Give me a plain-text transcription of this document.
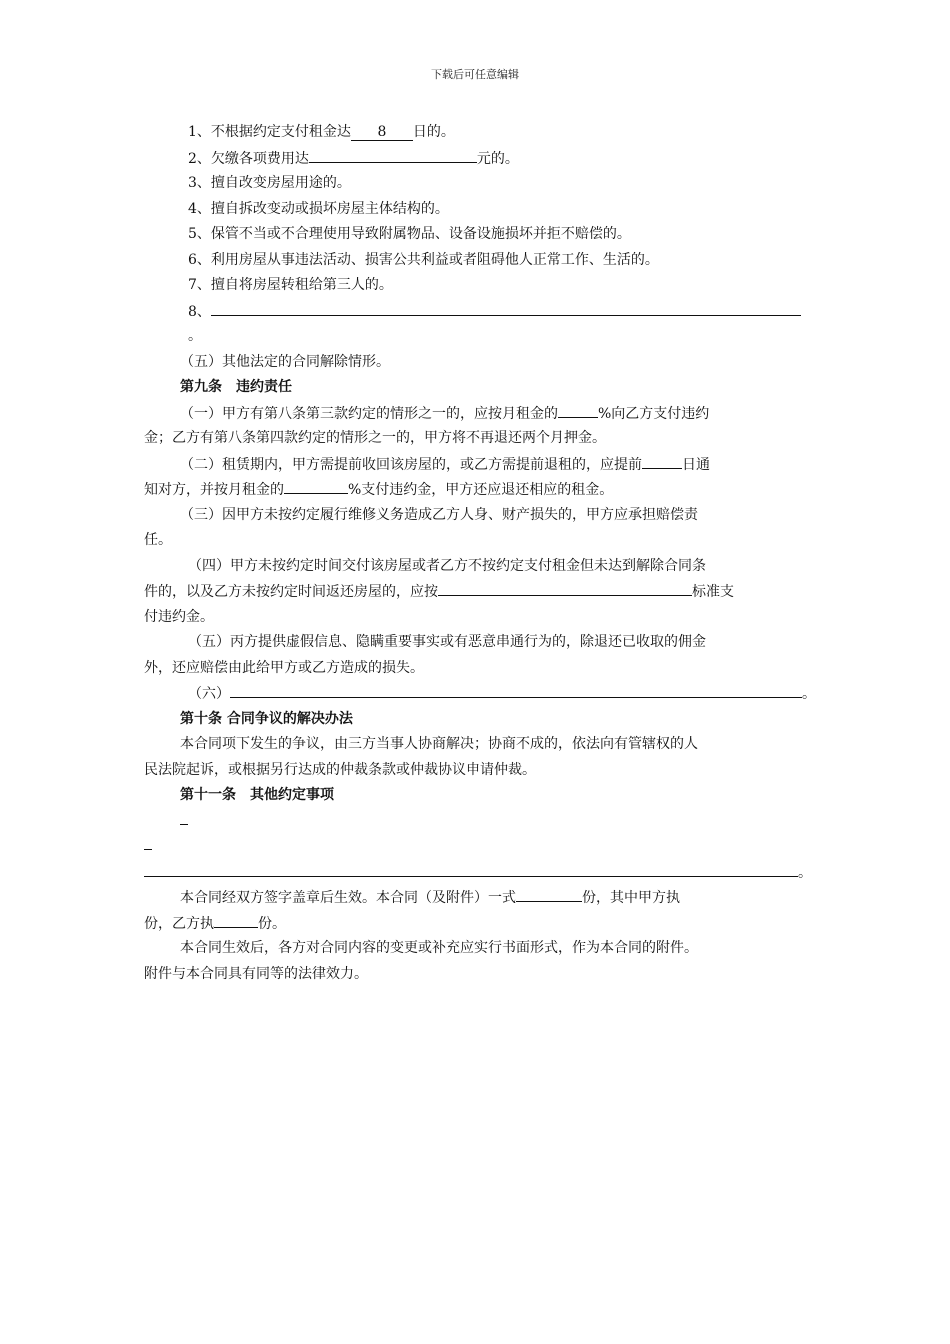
下载后可任意编辑
1、不根据约定支付租金达 8 日的。
2、欠缴各项费用达	元的。
3、擅自改变房屋用途的。
4、擅自拆改变动或损坏房屋主体结构的。
5、保管不当或不合理使用导致附属物品、设备设施损坏并拒不赔偿的。
6、利用房屋从事违法活动、损害公共利益或者阻碍他人正常工作、生活的。
7、擅自将房屋转租给第三人的。
8、
。
（五）其他法定的合同解除情形。
第九条　违约责任
（一）甲方有第八条第三款约定的情形之一的，应按月租金的	%向乙方支付违约
金；乙方有第八条第四款约定的情形之一的，甲方将不再退还两个月押金。
（二）租赁期内，甲方需提前收回该房屋的，或乙方需提前退租的，应提前	日通
知对方，并按月租金的	%支付违约金，甲方还应退还相应的租金。
（三）因甲方未按约定履行维修义务造成乙方人身、财产损失的，甲方应承担赔偿责
任。
（四）甲方未按约定时间交付该房屋或者乙方不按约定支付租金但未达到解除合同条
件的，以及乙方未按约定时间返还房屋的，应按	标准支
付违约金。
（五）丙方提供虚假信息、隐瞒重要事实或有恶意串通行为的，除退还已收取的佣金
外，还应赔偿由此给甲方或乙方造成的损失。
（六）	。
第十条 合同争议的解决办法
本合同项下发生的争议，由三方当事人协商解决；协商不成的，依法向有管辖权的人
民法院起诉，或根据另行达成的仲裁条款或仲裁协议申请仲裁。
第十一条　其他约定事项
。
本合同经双方签字盖章后生效。本合同（及附件）一式	份，其中甲方执
份，乙方执	份。
本合同生效后，各方对合同内容的变更或补充应实行书面形式，作为本合同的附件。
附件与本合同具有同等的法律效力。
